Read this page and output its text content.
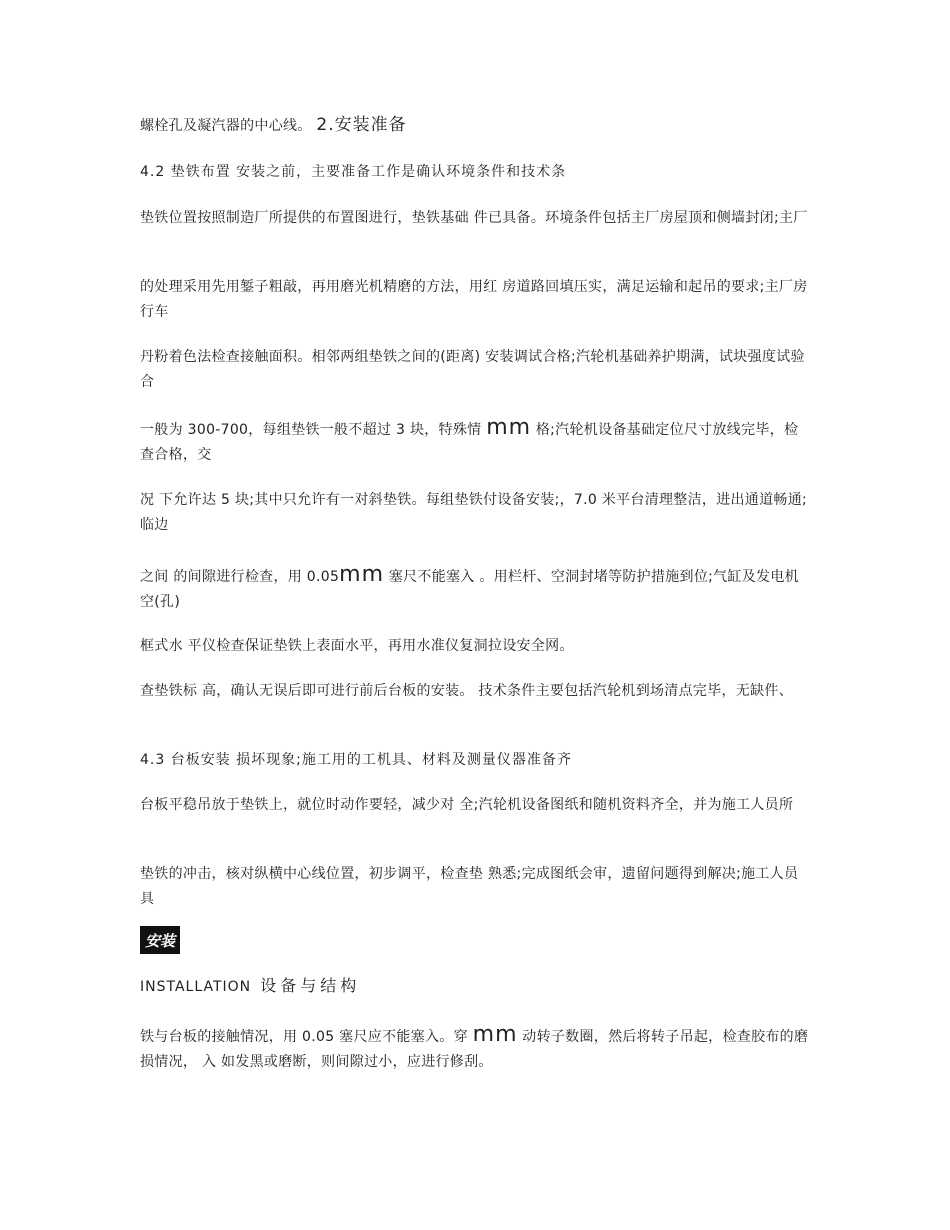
螺栓孔及凝汽器的中心线。 2.安装准备
4.2 垫铁布置 安装之前，主要准备工作是确认环境条件和技术条
垫铁位置按照制造厂所提供的布置图进行，垫铁基础 件已具备。环境条件包括主厂房屋顶和侧墙封闭;主厂
的处理采用先用錾子粗敲，再用磨光机精磨的方法，用红 房道路回填压实，满足运输和起吊的要求;主厂房行车
丹粉着色法检查接触面积。相邻两组垫铁之间的(距离) 安装调试合格;汽轮机基础养护期满，试块强度试验合
一般为 300-700，每组垫铁一般不超过 3 块，特殊情 mm 格;汽轮机设备基础定位尺寸放线完毕，检查合格，交
况 下允许达 5 块;其中只允许有一对斜垫铁。每组垫铁付设备安装;，7.0 米平台清理整洁，进出通道畅通;临边
之间 的间隙进行检查，用 0.05mm 塞尺不能塞入 。用栏杆、空洞封堵等防护措施到位;气缸及发电机空(孔)
框式水 平仪检查保证垫铁上表面水平，再用水准仪复洞拉设安全网。
查垫铁标 高，确认无误后即可进行前后台板的安装。 技术条件主要包括汽轮机到场清点完毕，无缺件、
4.3 台板安装 损坏现象;施工用的工机具、材料及测量仪器准备齐
台板平稳吊放于垫铁上，就位时动作要轻，减少对 全;汽轮机设备图纸和随机资料齐全，并为施工人员所
垫铁的冲击，核对纵横中心线位置，初步调平，检查垫 熟悉;完成图纸会审，遗留问题得到解决;施工人员具
安装
INSTALLATION 设备与结构
铁与台板的接触情况，用 0.05 塞尺应不能塞入。穿 mm 动转子数圈，然后将转子吊起，检查胶布的磨损情况， 入 如发黑或磨断，则间隙过小，应进行修刮。
